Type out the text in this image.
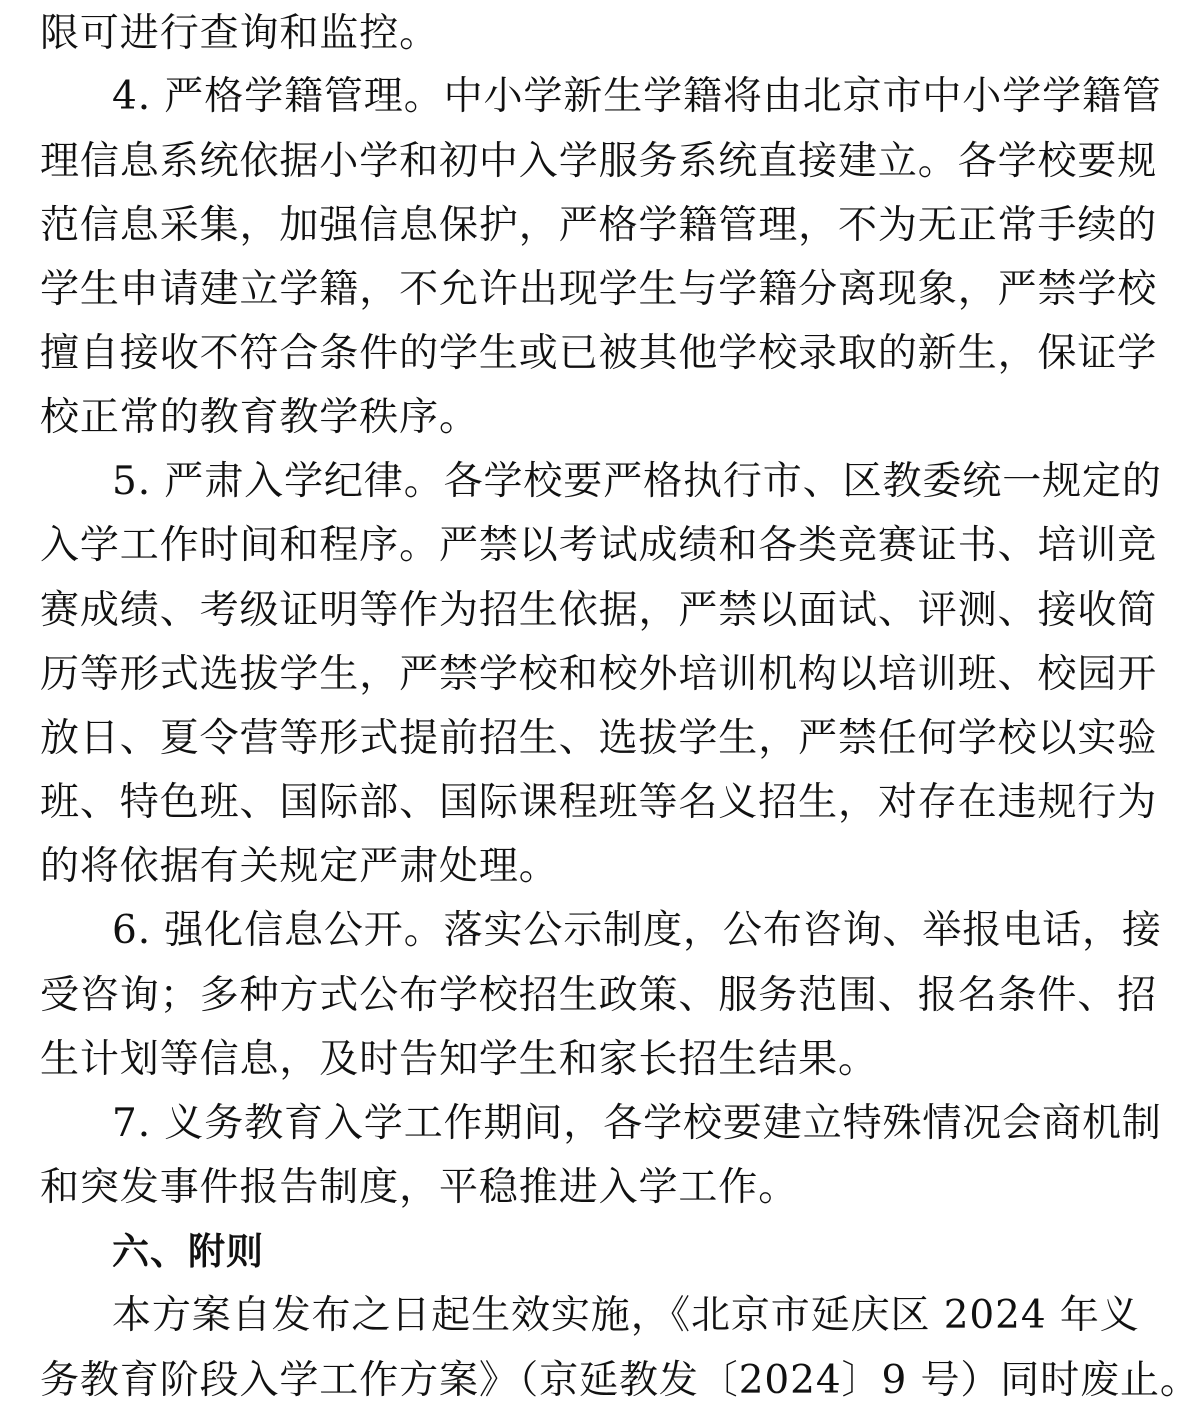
限可进行查询和监控。
4. 严格学籍管理。中小学新生学籍将由北京市中小学学籍管
理信息系统依据小学和初中入学服务系统直接建立。各学校要规
范信息采集，加强信息保护，严格学籍管理，不为无正常手续的
学生申请建立学籍，不允许出现学生与学籍分离现象，严禁学校
擅自接收不符合条件的学生或已被其他学校录取的新生，保证学
校正常的教育教学秩序。
5. 严肃入学纪律。各学校要严格执行市、区教委统一规定的
入学工作时间和程序。严禁以考试成绩和各类竞赛证书、培训竞
赛成绩、考级证明等作为招生依据，严禁以面试、评测、接收简
历等形式选拔学生，严禁学校和校外培训机构以培训班、校园开
放日、夏令营等形式提前招生、选拔学生，严禁任何学校以实验
班、特色班、国际部、国际课程班等名义招生，对存在违规行为
的将依据有关规定严肃处理。
6. 强化信息公开。落实公示制度，公布咨询、举报电话，接
受咨询；多种方式公布学校招生政策、服务范围、报名条件、招
生计划等信息，及时告知学生和家长招生结果。
7. 义务教育入学工作期间，各学校要建立特殊情况会商机制
和突发事件报告制度，平稳推进入学工作。
六、附则
本方案自发布之日起生效实施，《北京市延庆区 2024 年义
务教育阶段入学工作方案》（京延教发〔2024〕9 号）同时废止。
